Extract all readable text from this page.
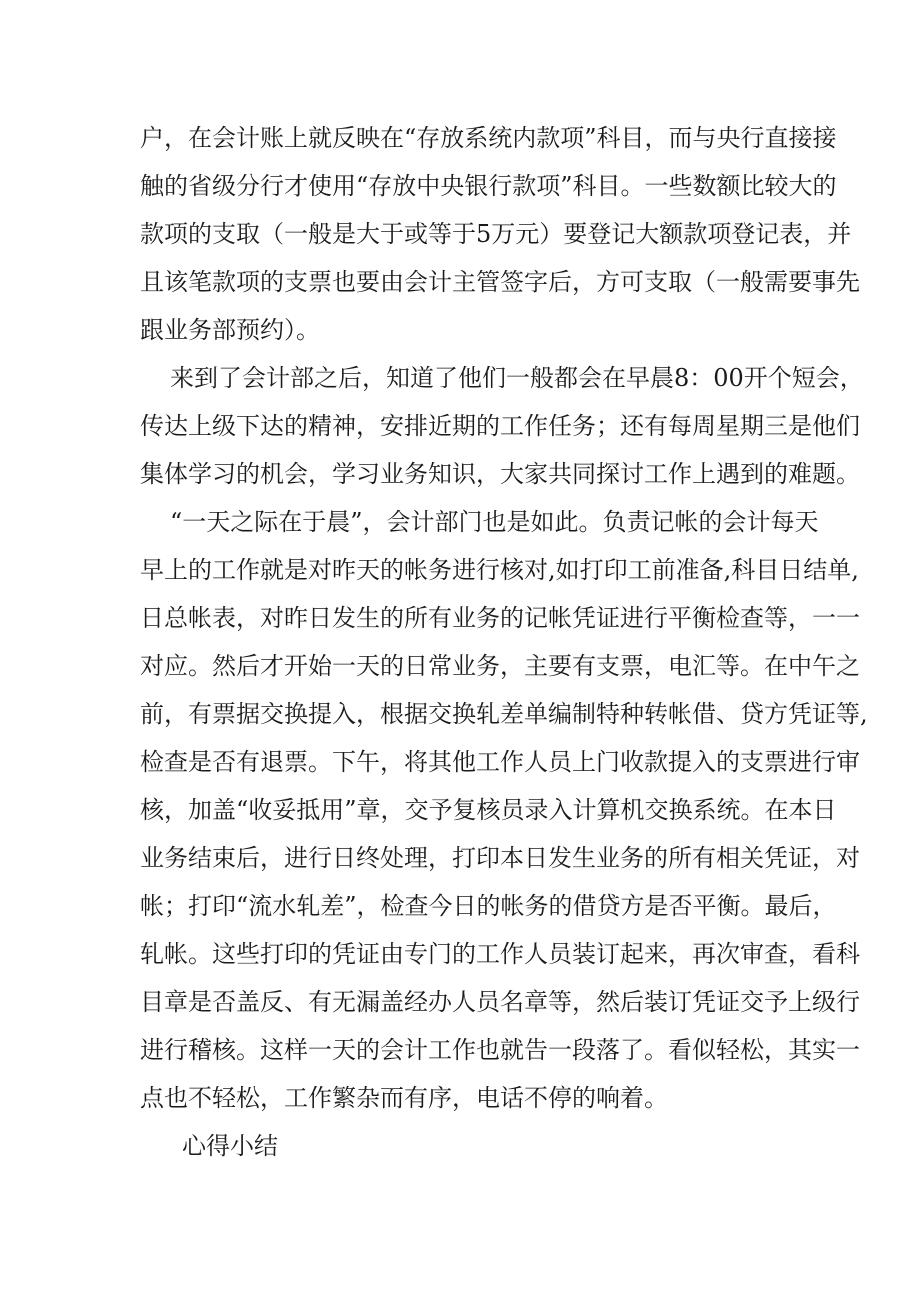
户，在会计账上就反映在“存放系统内款项”科目，而与央行直接接
触的省级分行才使用“存放中央银行款项”科目。一些数额比较大的
款项的支取（一般是大于或等于5万元）要登记大额款项登记表，并
且该笔款项的支票也要由会计主管签字后，方可支取（一般需要事先
跟业务部预约）。
来到了会计部之后，知道了他们一般都会在早晨8：00开个短会，
传达上级下达的精神，安排近期的工作任务；还有每周星期三是他们
集体学习的机会，学习业务知识，大家共同探讨工作上遇到的难题。
“一天之际在于晨”，会计部门也是如此。负责记帐的会计每天
早上的工作就是对昨天的帐务进行核对,如打印工前准备,科目日结单,
日总帐表，对昨日发生的所有业务的记帐凭证进行平衡检查等，一一
对应。然后才开始一天的日常业务，主要有支票，电汇等。在中午之
前，有票据交换提入，根据交换轧差单编制特种转帐借、贷方凭证等,
检查是否有退票。下午，将其他工作人员上门收款提入的支票进行审
核，加盖“收妥抵用”章，交予复核员录入计算机交换系统。在本日
业务结束后，进行日终处理，打印本日发生业务的所有相关凭证，对
帐；打印“流水轧差”，检查今日的帐务的借贷方是否平衡。最后，
轧帐。这些打印的凭证由专门的工作人员装订起来，再次审查，看科
目章是否盖反、有无漏盖经办人员名章等，然后装订凭证交予上级行
进行稽核。这样一天的会计工作也就告一段落了。看似轻松，其实一
点也不轻松，工作繁杂而有序，电话不停的响着。
心得小结
